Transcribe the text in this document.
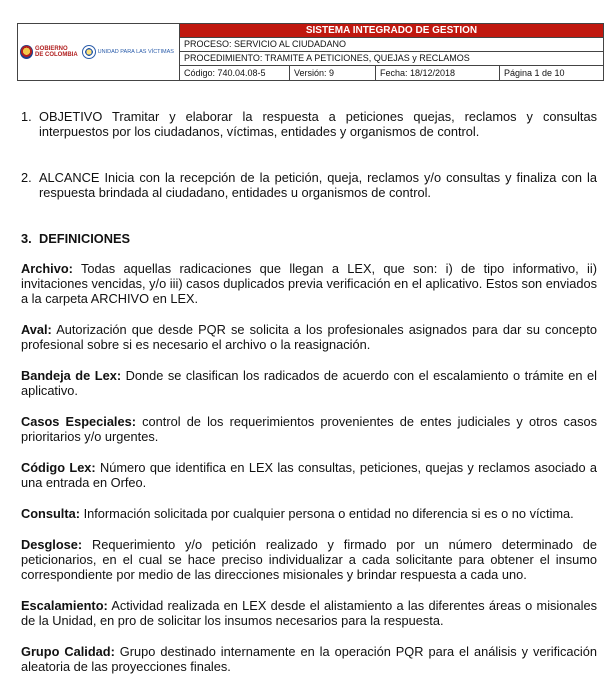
GOBIERNO
DE COLOMBIA UNIDAD PARA LAS VÍCTIMAS	SISTEMA INTEGRADO DE GESTION			
	PROCESO: SERVICIO AL CIUDADANO			
	PROCEDIMIENTO: TRAMITE A PETICIONES, QUEJAS y RECLAMOS			
	Código: 740.04.08-5	Versión: 9	Fecha: 18/12/2018	Página 1 de 10
1. OBJETIVO Tramitar y elaborar la respuesta a peticiones quejas, reclamos y consultas interpuestos por los ciudadanos, víctimas, entidades y organismos de control.
2. ALCANCE Inicia con la recepción de la petición, queja, reclamos y/o consultas y finaliza con la respuesta brindada al ciudadano, entidades u organismos de control.
3. DEFINICIONES

Archivo: Todas aquellas radicaciones que llegan a LEX, que son: i) de tipo informativo, ii) invitaciones vencidas, y/o iii) casos duplicados previa verificación en el aplicativo. Estos son enviados a la carpeta ARCHIVO en LEX.

Aval: Autorización que desde PQR se solicita a los profesionales asignados para dar su concepto profesional sobre si es necesario el archivo o la reasignación.

Bandeja de Lex: Donde se clasifican los radicados de acuerdo con el escalamiento o trámite en el aplicativo.

Casos Especiales: control de los requerimientos provenientes de entes judiciales y otros casos prioritarios y/o urgentes.

Código Lex: Número que identifica en LEX las consultas, peticiones, quejas y reclamos asociado a una entrada en Orfeo.

Consulta: Información solicitada por cualquier persona o entidad no diferencia si es o no víctima.

Desglose: Requerimiento y/o petición realizado y firmado por un número determinado de peticionarios, en el cual se hace preciso individualizar a cada solicitante para obtener el insumo correspondiente por medio de las direcciones misionales y brindar respuesta a cada uno.

Escalamiento: Actividad realizada en LEX desde el alistamiento a las diferentes áreas o misionales de la Unidad, en pro de solicitar los insumos necesarios para la respuesta.

Grupo Calidad: Grupo destinado internamente en la operación PQR para el análisis y verificación aleatoria de las proyecciones finales.
